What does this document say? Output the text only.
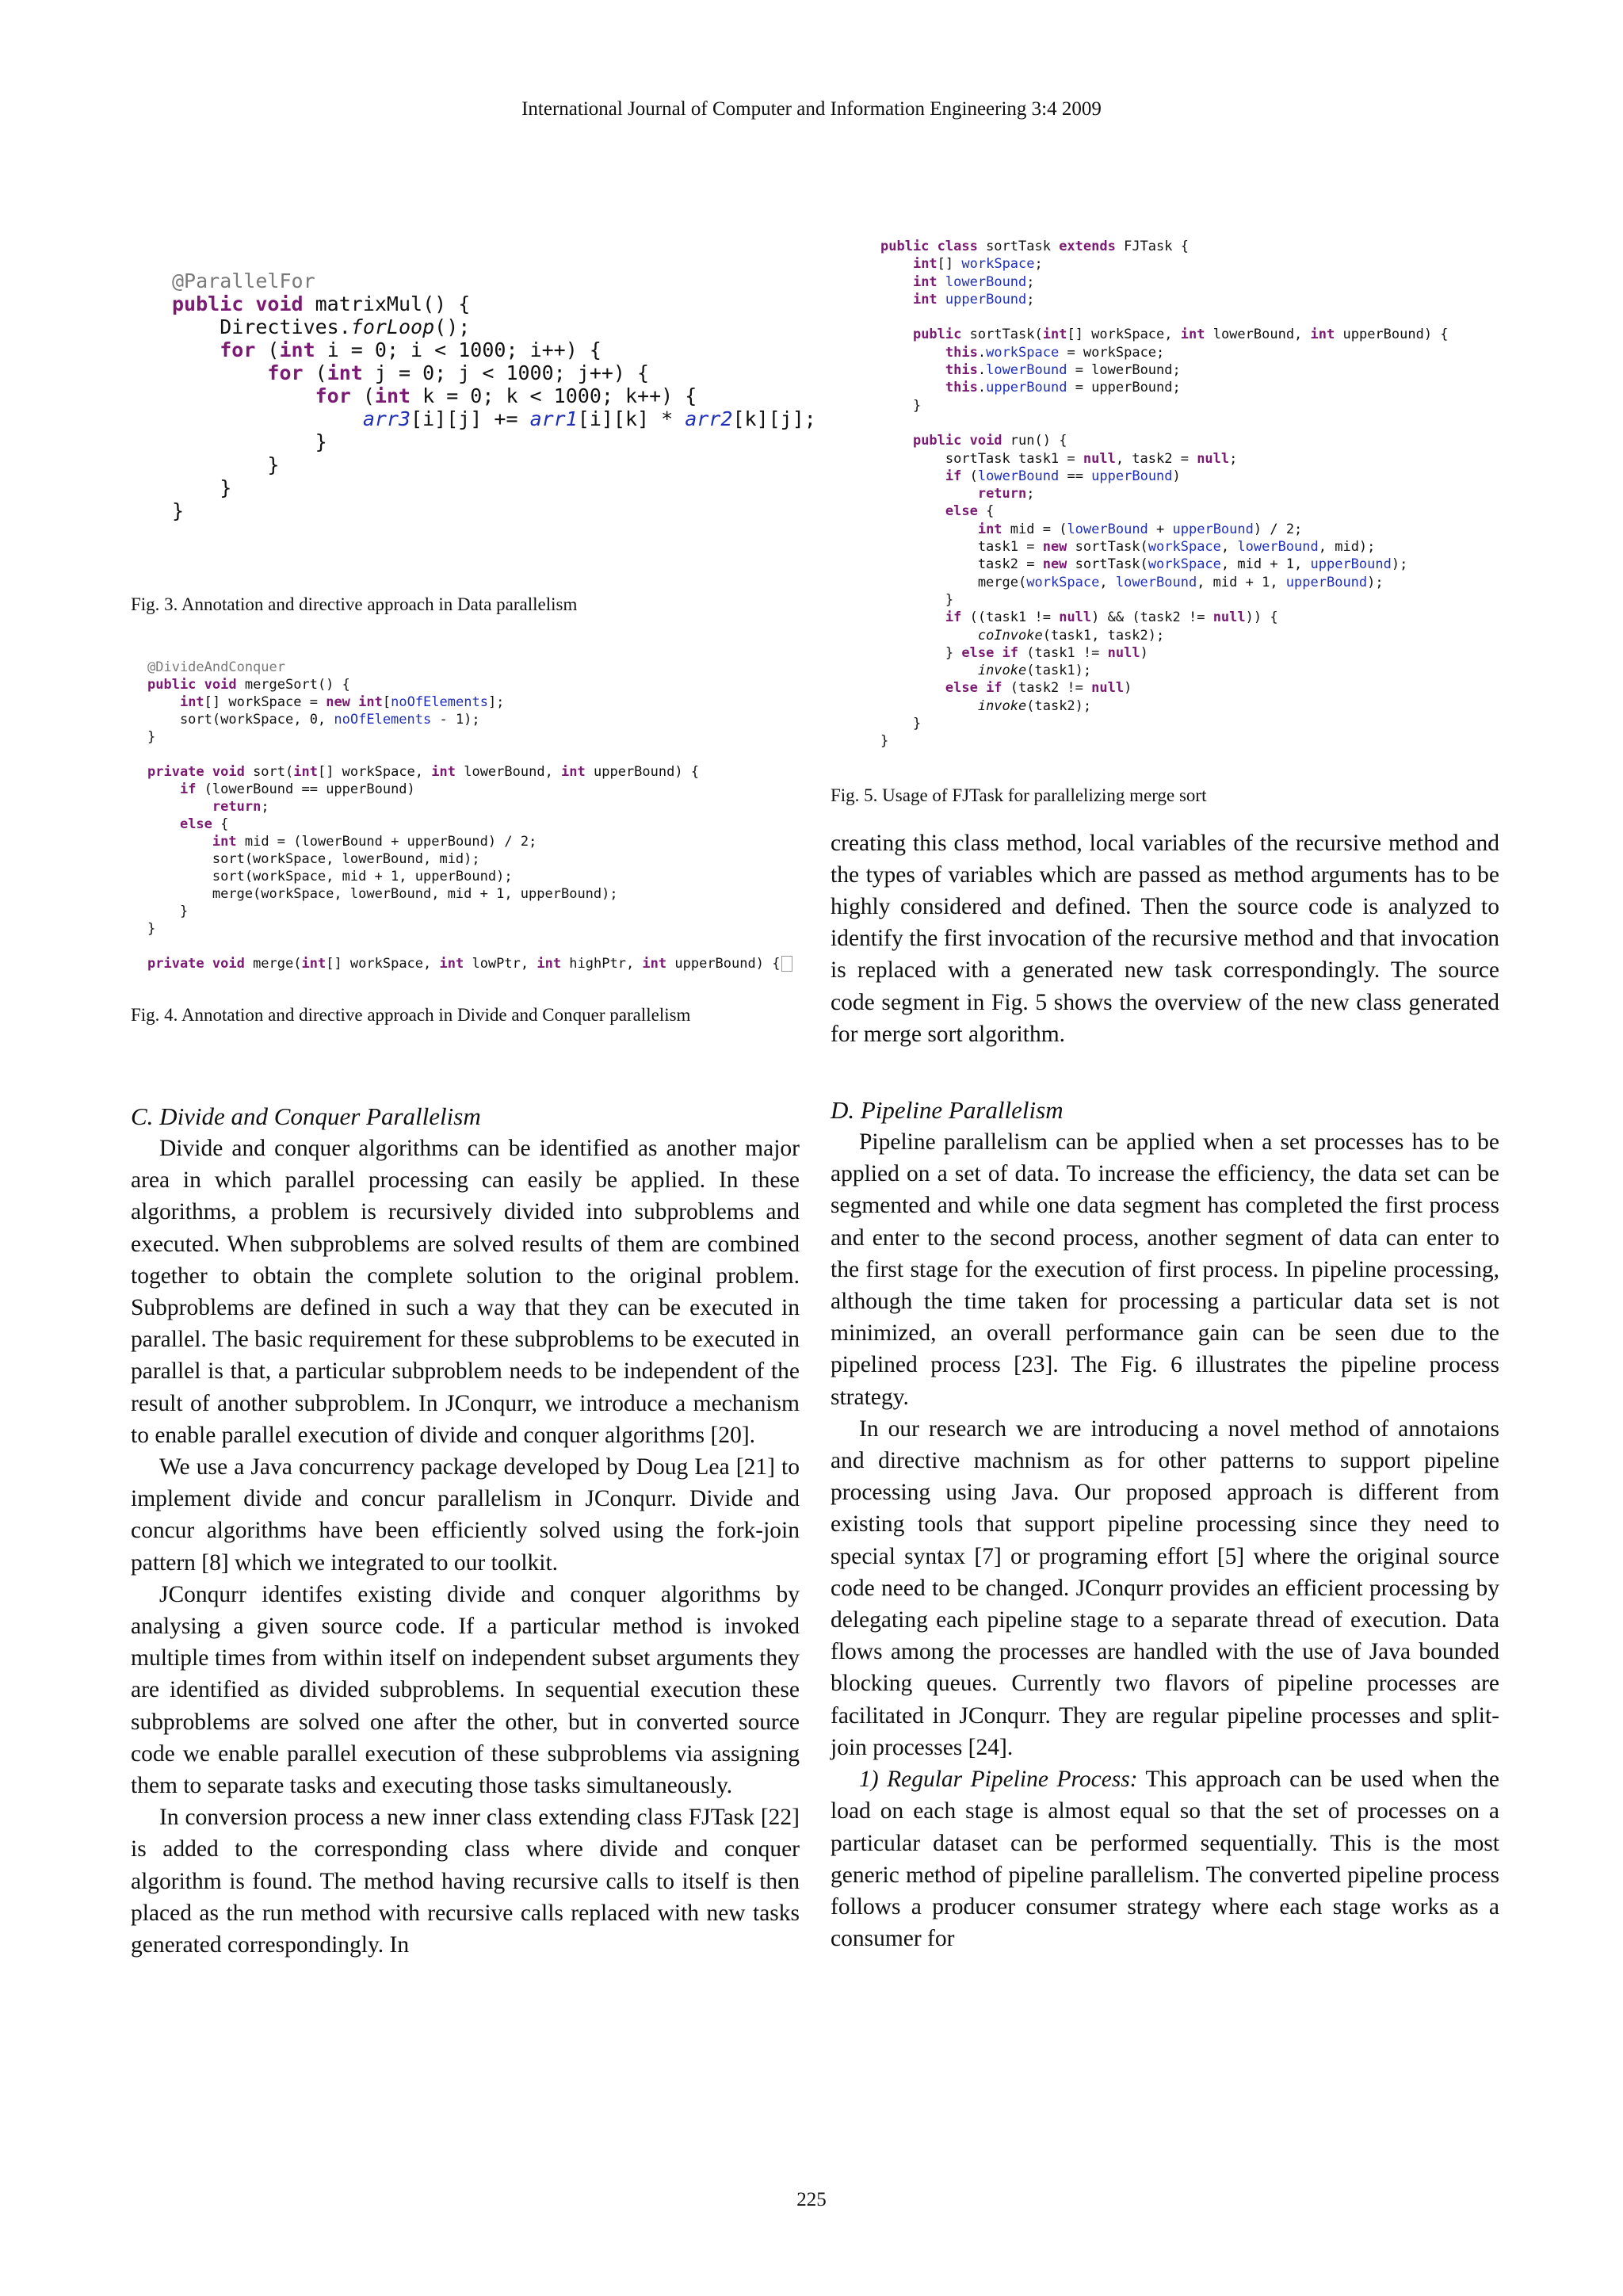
International Journal of Computer and Information Engineering 3:4 2009
@ParallelFor
public void matrixMul() {
Directives.forLoop();
for (int i = 0; i < 1000; i++) {
for (int j = 0; j < 1000; j++) {
for (int k = 0; k < 1000; k++) {
arr3[i][j] += arr1[i][k] * arr2[k][j];
}
}
}
}
Fig. 3. Annotation and directive approach in Data parallelism
@DivideAndConquer
public void mergeSort() {
int[] workSpace = new int[noOfElements];
sort(workSpace, 0, noOfElements - 1);
}

private void sort(int[] workSpace, int lowerBound, int upperBound) {
if (lowerBound == upperBound)
return;
else {
int mid = (lowerBound + upperBound) / 2;
sort(workSpace, lowerBound, mid);
sort(workSpace, mid + 1, upperBound);
merge(workSpace, lowerBound, mid + 1, upperBound);
}
}

private void merge(int[] workSpace, int lowPtr, int highPtr, int upperBound) {
Fig. 4. Annotation and directive approach in Divide and Conquer parallelism
C. Divide and Conquer Parallelism

Divide and conquer algorithms can be identified as another major area in which parallel processing can easily be applied. In these algorithms, a problem is recursively divided into subproblems and executed. When subproblems are solved results of them are combined together to obtain the complete solution to the original problem. Subproblems are defined in such a way that they can be executed in parallel. The basic requirement for these subproblems to be executed in parallel is that, a particular subproblem needs to be independent of the result of another subproblem. In JConqurr, we introduce a mechanism to enable parallel execution of divide and conquer algorithms [20].

We use a Java concurrency package developed by Doug Lea [21] to implement divide and concur parallelism in JConqurr. Divide and concur algorithms have been efficiently solved using the fork-join pattern [8] which we integrated to our toolkit.

JConqurr identifes existing divide and conquer algorithms by analysing a given source code. If a particular method is invoked multiple times from within itself on independent subset arguments they are identified as divided subproblems. In sequential execution these subproblems are solved one after the other, but in converted source code we enable parallel execution of these subproblems via assigning them to separate tasks and executing those tasks simultaneously.

In conversion process a new inner class extending class FJTask [22] is added to the corresponding class where divide and conquer algorithm is found. The method having recursive calls to itself is then placed as the run method with recursive calls replaced with new tasks generated correspondingly. In

public class sortTask extends FJTask {
int[] workSpace;
int lowerBound;
int upperBound;

public sortTask(int[] workSpace, int lowerBound, int upperBound) {
this.workSpace = workSpace;
this.lowerBound = lowerBound;
this.upperBound = upperBound;
}

public void run() {
sortTask task1 = null, task2 = null;
if (lowerBound == upperBound)
return;
else {
int mid = (lowerBound + upperBound) / 2;
task1 = new sortTask(workSpace, lowerBound, mid);
task2 = new sortTask(workSpace, mid + 1, upperBound);
merge(workSpace, lowerBound, mid + 1, upperBound);
}
if ((task1 != null) && (task2 != null)) {
coInvoke(task1, task2);
} else if (task1 != null)
invoke(task1);
else if (task2 != null)
invoke(task2);
}
}
Fig. 5. Usage of FJTask for parallelizing merge sort

creating this class method, local variables of the recursive method and the types of variables which are passed as method arguments has to be highly considered and defined. Then the source code is analyzed to identify the first invocation of the recursive method and that invocation is replaced with a generated new task correspondingly. The source code segment in Fig. 5 shows the overview of the new class generated for merge sort algorithm.

D. Pipeline Parallelism

Pipeline parallelism can be applied when a set processes has to be applied on a set of data. To increase the efficiency, the data set can be segmented and while one data segment has completed the first process and enter to the second process, another segment of data can enter to the first stage for the execution of first process. In pipeline processing, although the time taken for processing a particular data set is not minimized, an overall performance gain can be seen due to the pipelined process [23]. The Fig. 6 illustrates the pipeline process strategy.

In our research we are introducing a novel method of annotaions and directive machnism as for other patterns to support pipeline processing using Java. Our proposed approach is different from existing tools that support pipeline processing since they need to special syntax [7] or programing effort [5] where the original source code need to be changed. JConqurr provides an efficient processing by delegating each pipeline stage to a separate thread of execution. Data flows among the processes are handled with the use of Java bounded blocking queues. Currently two flavors of pipeline processes are facilitated in JConqurr. They are regular pipeline processes and split-join processes [24].

1) Regular Pipeline Process: This approach can be used when the load on each stage is almost equal so that the set of processes on a particular dataset can be performed sequentially. This is the most generic method of pipeline parallelism. The converted pipeline process follows a producer consumer strategy where each stage works as a consumer for

225
